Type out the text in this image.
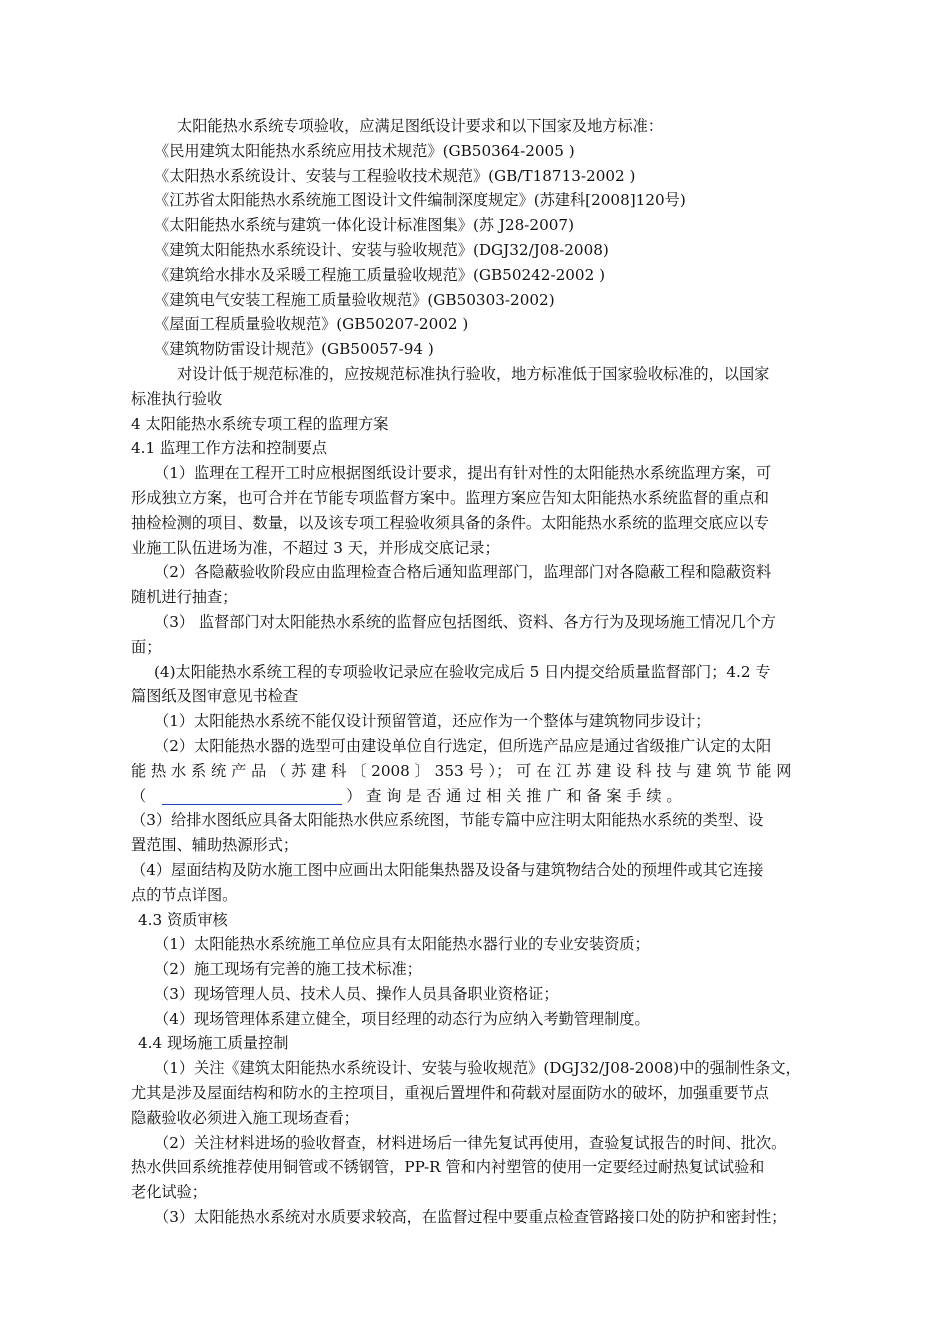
太阳能热水系统专项验收，应满足图纸设计要求和以下国家及地方标准：
《民用建筑太阳能热水系统应用技术规范》(GB50364-2005 )
《太阳热水系统设计、安装与工程验收技术规范》(GB/T18713-2002 )
《江苏省太阳能热水系统施工图设计文件编制深度规定》(苏建科[2008]120号)
《太阳能热水系统与建筑一体化设计标准图集》(苏 J28-2007)
《建筑太阳能热水系统设计、安装与验收规范》(DGJ32/J08-2008)
《建筑给水排水及采暖工程施工质量验收规范》(GB50242-2002 )
《建筑电气安装工程施工质量验收规范》(GB50303-2002)
《屋面工程质量验收规范》(GB50207-2002 )
《建筑物防雷设计规范》(GB50057-94 )
对设计低于规范标准的，应按规范标准执行验收，地方标准低于国家验收标准的，以国家
标准执行验收
4 太阳能热水系统专项工程的监理方案
4.1 监理工作方法和控制要点
（1）监理在工程开工时应根据图纸设计要求，提出有针对性的太阳能热水系统监理方案，可
形成独立方案，也可合并在节能专项监督方案中。监理方案应告知太阳能热水系统监督的重点和
抽检检测的项目、数量，以及该专项工程验收须具备的条件。太阳能热水系统的监理交底应以专
业施工队伍进场为准，不超过 3 天，并形成交底记录；
（2）各隐蔽验收阶段应由监理检查合格后通知监理部门，监理部门对各隐蔽工程和隐蔽资料
随机进行抽查；
（3） 监督部门对太阳能热水系统的监督应包括图纸、资料、各方行为及现场施工情况几个方
面；
(4)太阳能热水系统工程的专项验收记录应在验收完成后 5 日内提交给质量监督部门；4.2 专
篇图纸及图审意见书检查
（1）太阳能热水系统不能仅设计预留管道，还应作为一个整体与建筑物同步设计；
（2）太阳能热水器的选型可由建设单位自行选定，但所选产品应是通过省级推广认定的太阳
能 热 水 系 统 产 品 （ 苏 建 科 〔 2008 〕 353 号 ）； 可 在 江 苏 建 设 科 技 与 建 筑 节 能 网
（	） 查 询 是 否 通 过 相 关 推 广 和 备 案 手 续 。
（3）给排水图纸应具备太阳能热水供应系统图，节能专篇中应注明太阳能热水系统的类型、设
置范围、辅助热源形式；
（4）屋面结构及防水施工图中应画出太阳能集热器及设备与建筑物结合处的预埋件或其它连接
点的节点详图。
4.3 资质审核
（1）太阳能热水系统施工单位应具有太阳能热水器行业的专业安装资质；
（2）施工现场有完善的施工技术标准；
（3）现场管理人员、技术人员、操作人员具备职业资格证；
（4）现场管理体系建立健全，项目经理的动态行为应纳入考勤管理制度。
4.4 现场施工质量控制
（1）关注《建筑太阳能热水系统设计、安装与验收规范》(DGJ32/J08-2008)中的强制性条文，
尤其是涉及屋面结构和防水的主控项目，重视后置埋件和荷载对屋面防水的破坏，加强重要节点
隐蔽验收必须进入施工现场查看；
（2）关注材料进场的验收督查，材料进场后一律先复试再使用，查验复试报告的时间、批次。
热水供回系统推荐使用铜管或不锈钢管，PP-R 管和内衬塑管的使用一定要经过耐热复试试验和
老化试验；
（3）太阳能热水系统对水质要求较高，在监督过程中要重点检查管路接口处的防护和密封性；
